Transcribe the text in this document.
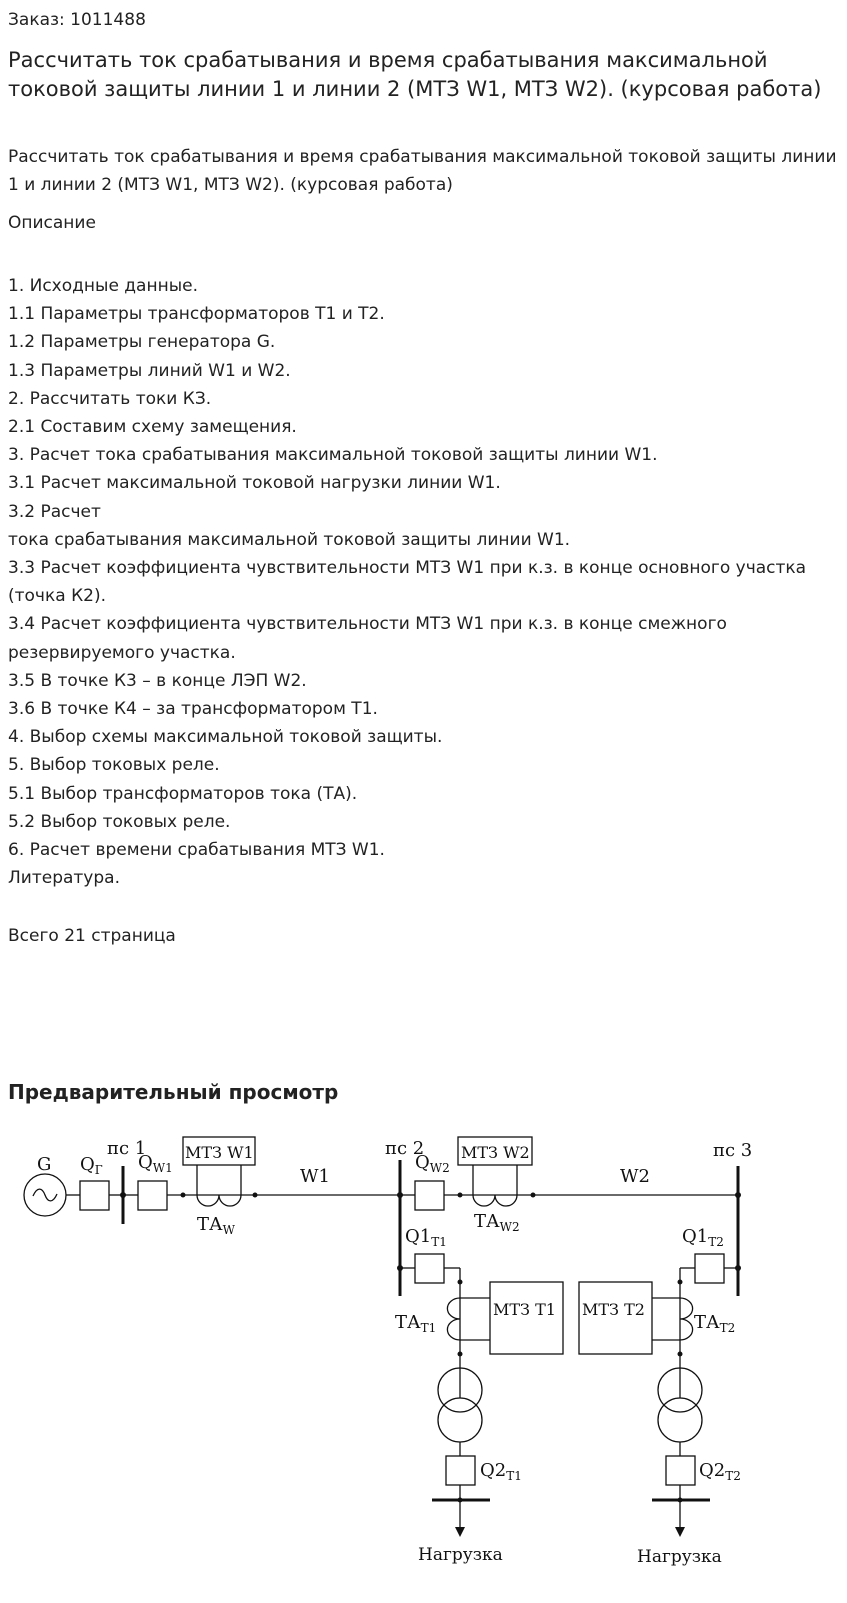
Заказ: 1011488
Рассчитать ток срабатывания и время срабатывания максимальной токовой защиты линии 1 и линии 2 (МТЗ W1, МТЗ W2). (курсовая работа)
Рассчитать ток срабатывания и время срабатывания максимальной токовой защиты линии 1 и линии 2 (МТЗ W1, МТЗ W2). (курсовая работа)
Описание
1. Исходные данные.
1.1 Параметры трансформаторов Т1 и Т2.
1.2 Параметры генератора G.
1.3 Параметры линий W1 и W2.
2. Рассчитать токи КЗ.
2.1 Составим схему замещения.
3. Расчет тока срабатывания максимальной токовой защиты линии W1.
3.1 Расчет максимальной токовой нагрузки линии W1.
3.2 Расчет
тока срабатывания максимальной токовой защиты линии W1.
3.3 Расчет коэффициента чувствительности МТЗ W1 при к.з. в конце основного участка (точка К2).
3.4 Расчет коэффициента чувствительности МТЗ W1 при к.з. в конце смежного резервируемого участка.
3.5 В точке К3 – в конце ЛЭП W2.
3.6 В точке К4 – за трансформатором Т1.
4. Выбор схемы максимальной токовой защиты.
5. Выбор токовых реле.
5.1 Выбор трансформаторов тока (ТА).
5.2 Выбор токовых реле.
6. Расчет времени срабатывания МТЗ W1.
Литература.
Всего 21 страница
Предварительный просмотр
G
пс 1	пс 2	пс 3
$Q_Г$ $Q_{W1}$	$Q_{W2}$
МТЗ W1	МТЗ W2
МТЗ Т1 МТЗ Т2
W1	W2
$ТА_W$	$ТА_{W2}$
$ТА_{Т1}$	$ТА_{Т2}$
$Q1_{Т1}$	$Q1_{Т2}$
$Q2_{Т1}$	$Q2_{Т2}$
Нагрузка	Нагрузка
